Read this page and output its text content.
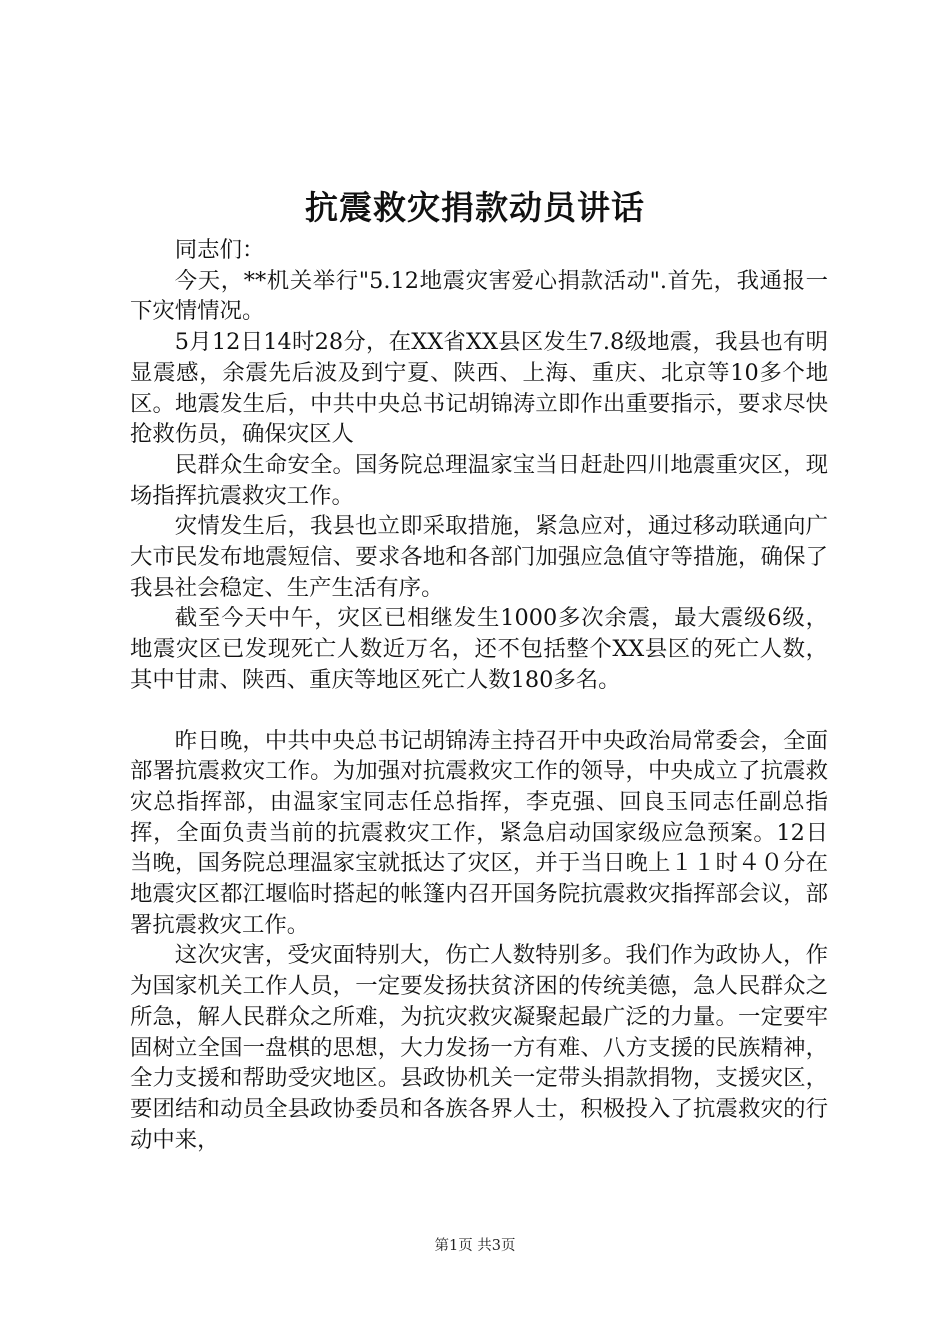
抗震救灾捐款动员讲话

同志们：

今天，**机关举行"5.12地震灾害爱心捐款活动".首先，我通报一下灾情情况。

5月12日14时28分，在XX省XX县区发生7.8级地震，我县也有明显震感，余震先后波及到宁夏、陕西、上海、重庆、北京等10多个地区。地震发生后，中共中央总书记胡锦涛立即作出重要指示，要求尽快抢救伤员，确保灾区人

民群众生命安全。国务院总理温家宝当日赶赴四川地震重灾区，现场指挥抗震救灾工作。

灾情发生后，我县也立即采取措施，紧急应对，通过移动联通向广大市民发布地震短信、要求各地和各部门加强应急值守等措施，确保了我县社会稳定、生产生活有序。

截至今天中午，灾区已相继发生1000多次余震，最大震级6级，地震灾区已发现死亡人数近万名，还不包括整个XX县区的死亡人数，其中甘肃、陕西、重庆等地区死亡人数180多名。

昨日晚，中共中央总书记胡锦涛主持召开中央政治局常委会，全面部署抗震救灾工作。为加强对抗震救灾工作的领导，中央成立了抗震救灾总指挥部，由温家宝同志任总指挥，李克强、回良玉同志任副总指挥，全面负责当前的抗震救灾工作，紧急启动国家级应急预案。12日当晚，国务院总理温家宝就抵达了灾区，并于当日晚上１１时４０分在地震灾区都江堰临时搭起的帐篷内召开国务院抗震救灾指挥部会议，部署抗震救灾工作。

这次灾害，受灾面特别大，伤亡人数特别多。我们作为政协人，作为国家机关工作人员，一定要发扬扶贫济困的传统美德，急人民群众之所急，解人民群众之所难，为抗灾救灾凝聚起最广泛的力量。一定要牢固树立全国一盘棋的思想，大力发扬一方有难、八方支援的民族精神，全力支援和帮助受灾地区。县政协机关一定带头捐款捐物，支援灾区，要团结和动员全县政协委员和各族各界人士，积极投入了抗震救灾的行动中来，

第1页 共3页
